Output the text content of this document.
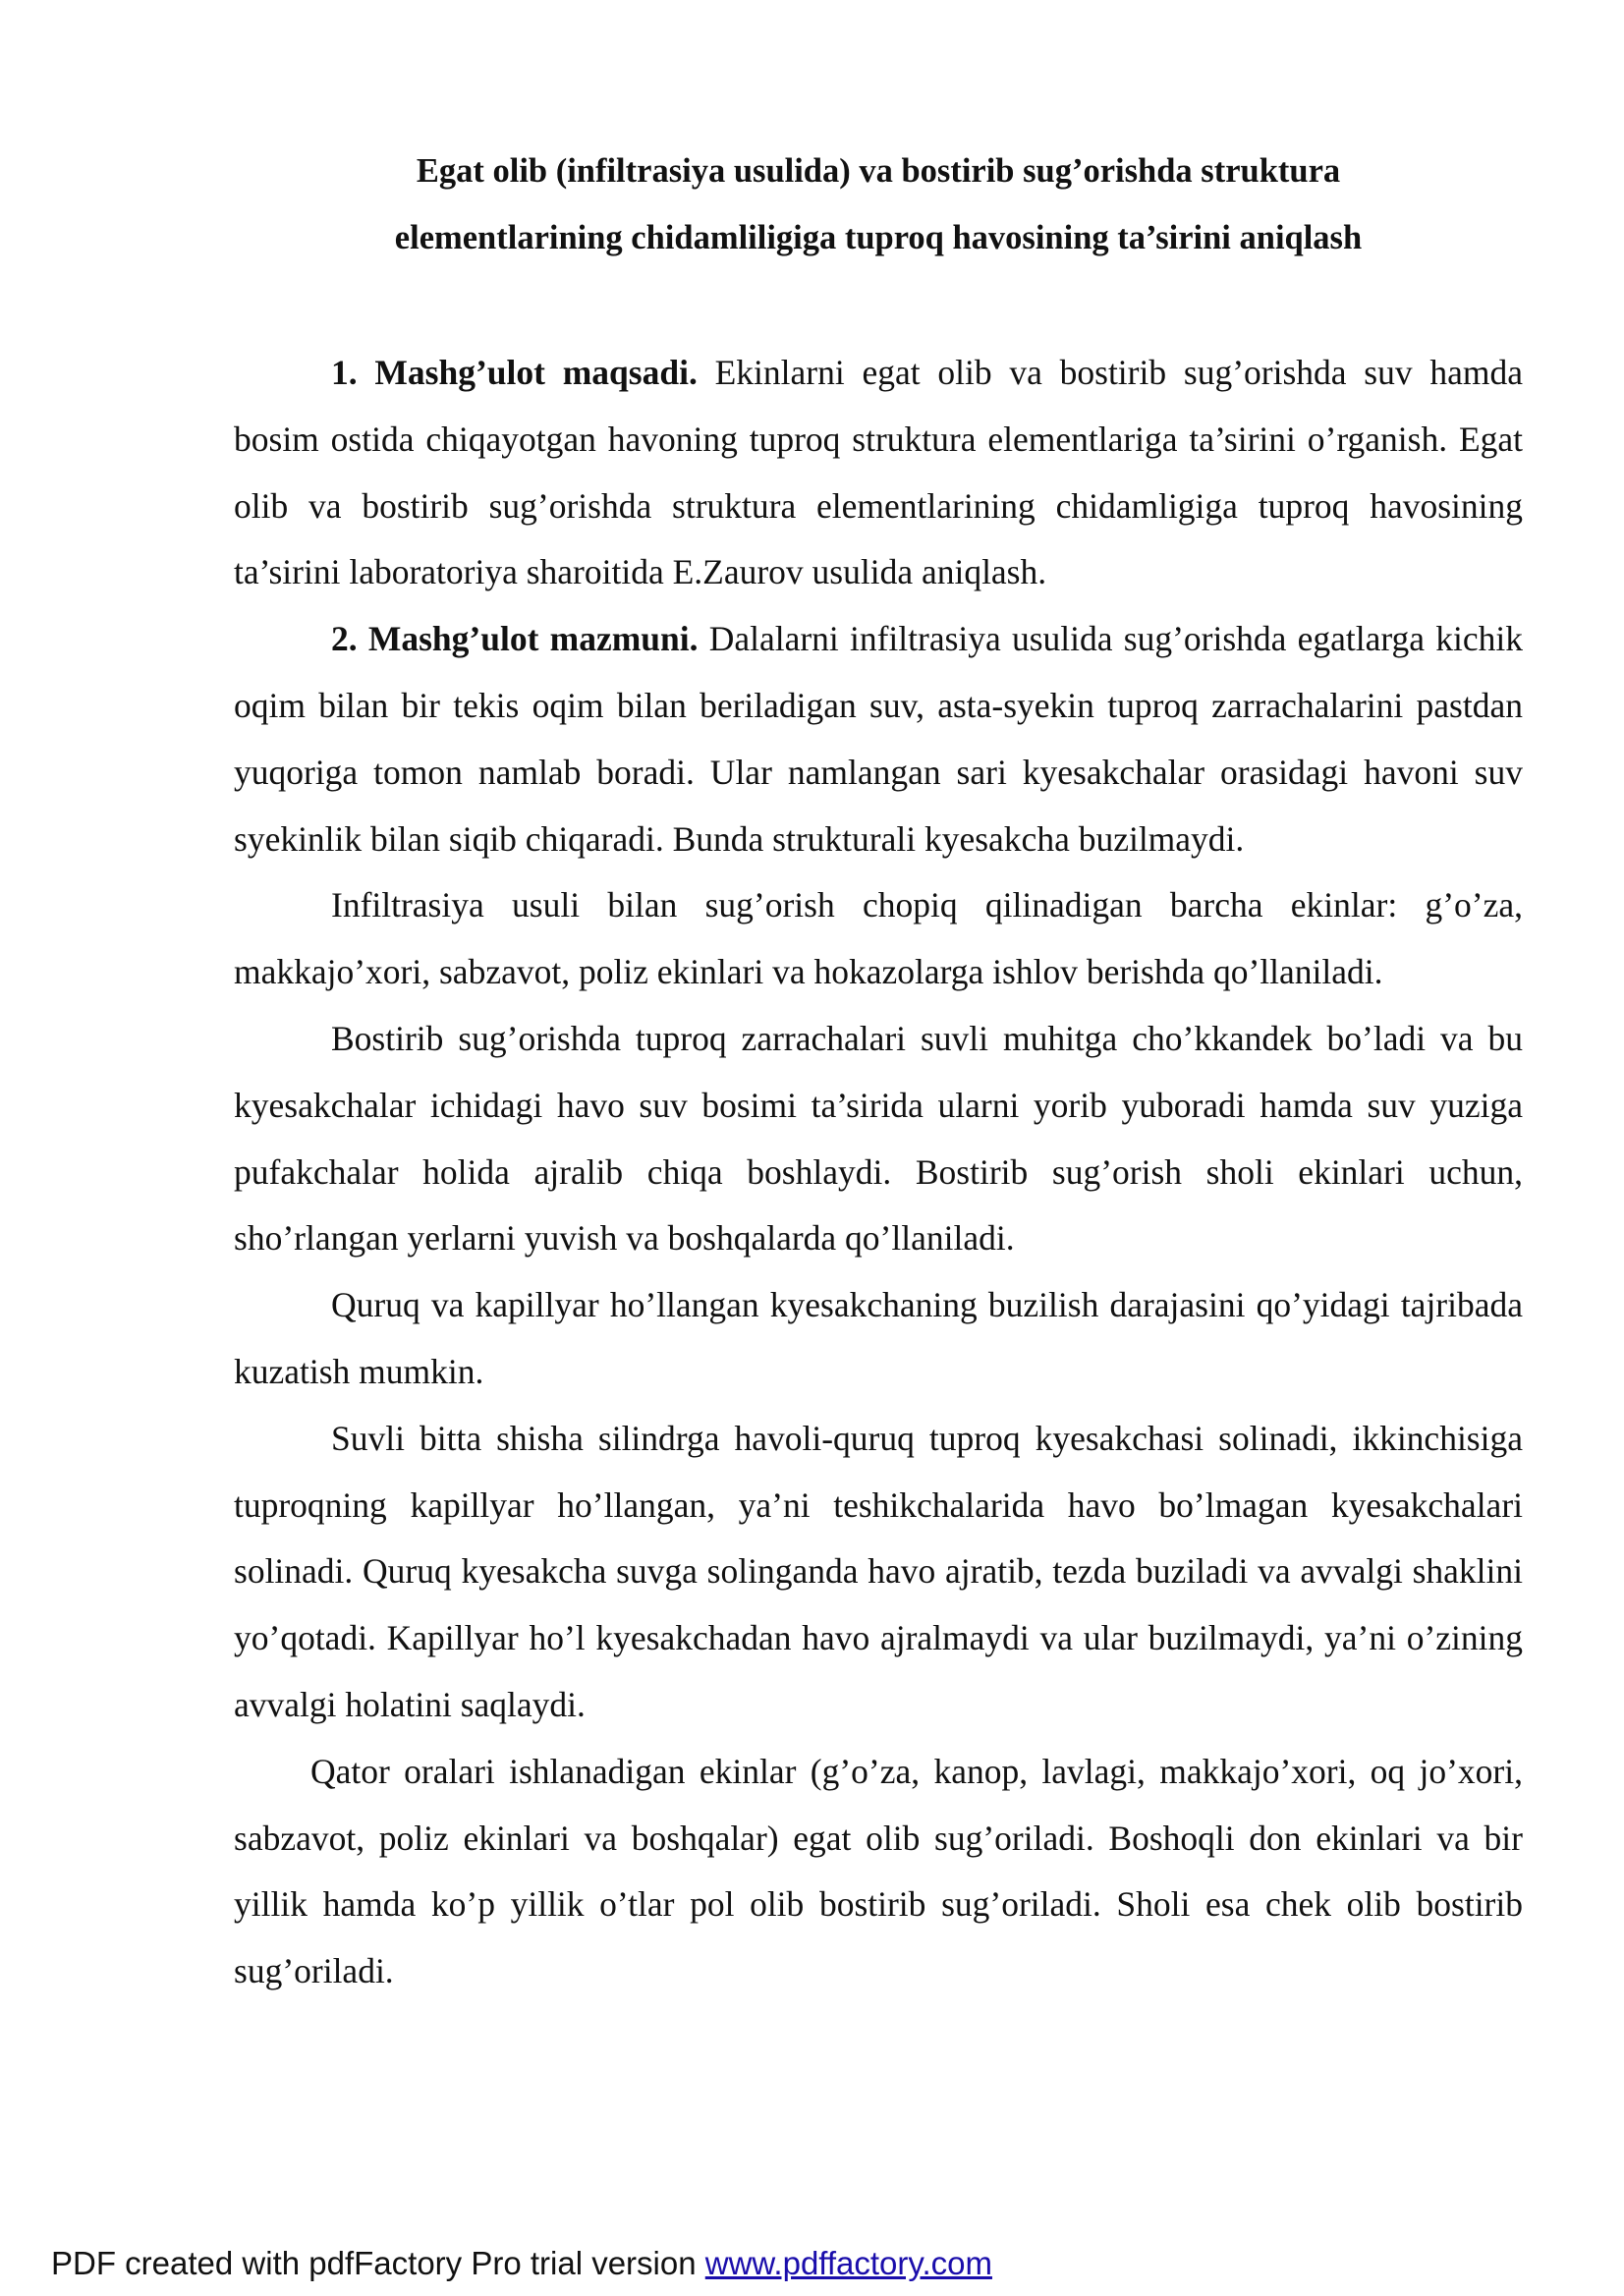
Egat olib (infiltrasiya usulida) va bostirib sug’orishda struktura
elementlarining chidamliligiga tuproq havosining ta’sirini aniqlash

1. Mashg’ulot maqsadi. Ekinlarni egat olib va bostirib sug’orishda suv hamda bosim ostida chiqayotgan havoning tuproq struktura elementlariga ta’sirini o’rganish. Egat olib va bostirib sug’orishda struktura elementlarining chidamligiga tuproq havosining ta’sirini laboratoriya sharoitida E.Zaurov usulida aniqlash.

2. Mashg’ulot mazmuni. Dalalarni infiltrasiya usulida sug’orishda egatlarga kichik oqim bilan bir tekis oqim bilan beriladigan suv, asta-syekin tuproq zarrachalarini pastdan yuqoriga tomon namlab boradi. Ular namlangan sari kyesakchalar orasidagi havoni suv syekinlik bilan siqib chiqaradi. Bunda strukturali kyesakcha buzilmaydi.

Infiltrasiya usuli bilan sug’orish chopiq qilinadigan barcha ekinlar: g’o’za, makkajo’xori, sabzavot, poliz ekinlari va hokazolarga ishlov berishda qo’llaniladi.

Bostirib sug’orishda tuproq zarrachalari suvli muhitga cho’kkandek bo’ladi va bu kyesakchalar ichidagi havo suv bosimi ta’sirida ularni yorib yuboradi hamda suv yuziga pufakchalar holida ajralib chiqa boshlaydi. Bostirib sug’orish sholi ekinlari uchun, sho’rlangan yerlarni yuvish va boshqalarda qo’llaniladi.

Quruq va kapillyar ho’llangan kyesakchaning buzilish darajasini qo’yidagi tajribada kuzatish mumkin.

Suvli bitta shisha silindrga havoli-quruq tuproq kyesakchasi solinadi, ikkinchisiga tuproqning kapillyar ho’llangan, ya’ni teshikchalarida havo bo’lmagan kyesakchalari solinadi. Quruq kyesakcha suvga solinganda havo ajratib, tezda buziladi va avvalgi shaklini yo’qotadi. Kapillyar ho’l kyesakchadan havo ajralmaydi va ular buzilmaydi, ya’ni o’zining avvalgi holatini saqlaydi.

Qator oralari ishlanadigan ekinlar (g’o’za, kanop, lavlagi, makkajo’xori, oq jo’xori, sabzavot, poliz ekinlari va boshqalar) egat olib sug’oriladi. Boshoqli don ekinlari va bir yillik hamda ko’p yillik o’tlar pol olib bostirib sug’oriladi. Sholi esa chek olib bostirib sug’oriladi.

PDF created with pdfFactory Pro trial version www.pdffactory.com
